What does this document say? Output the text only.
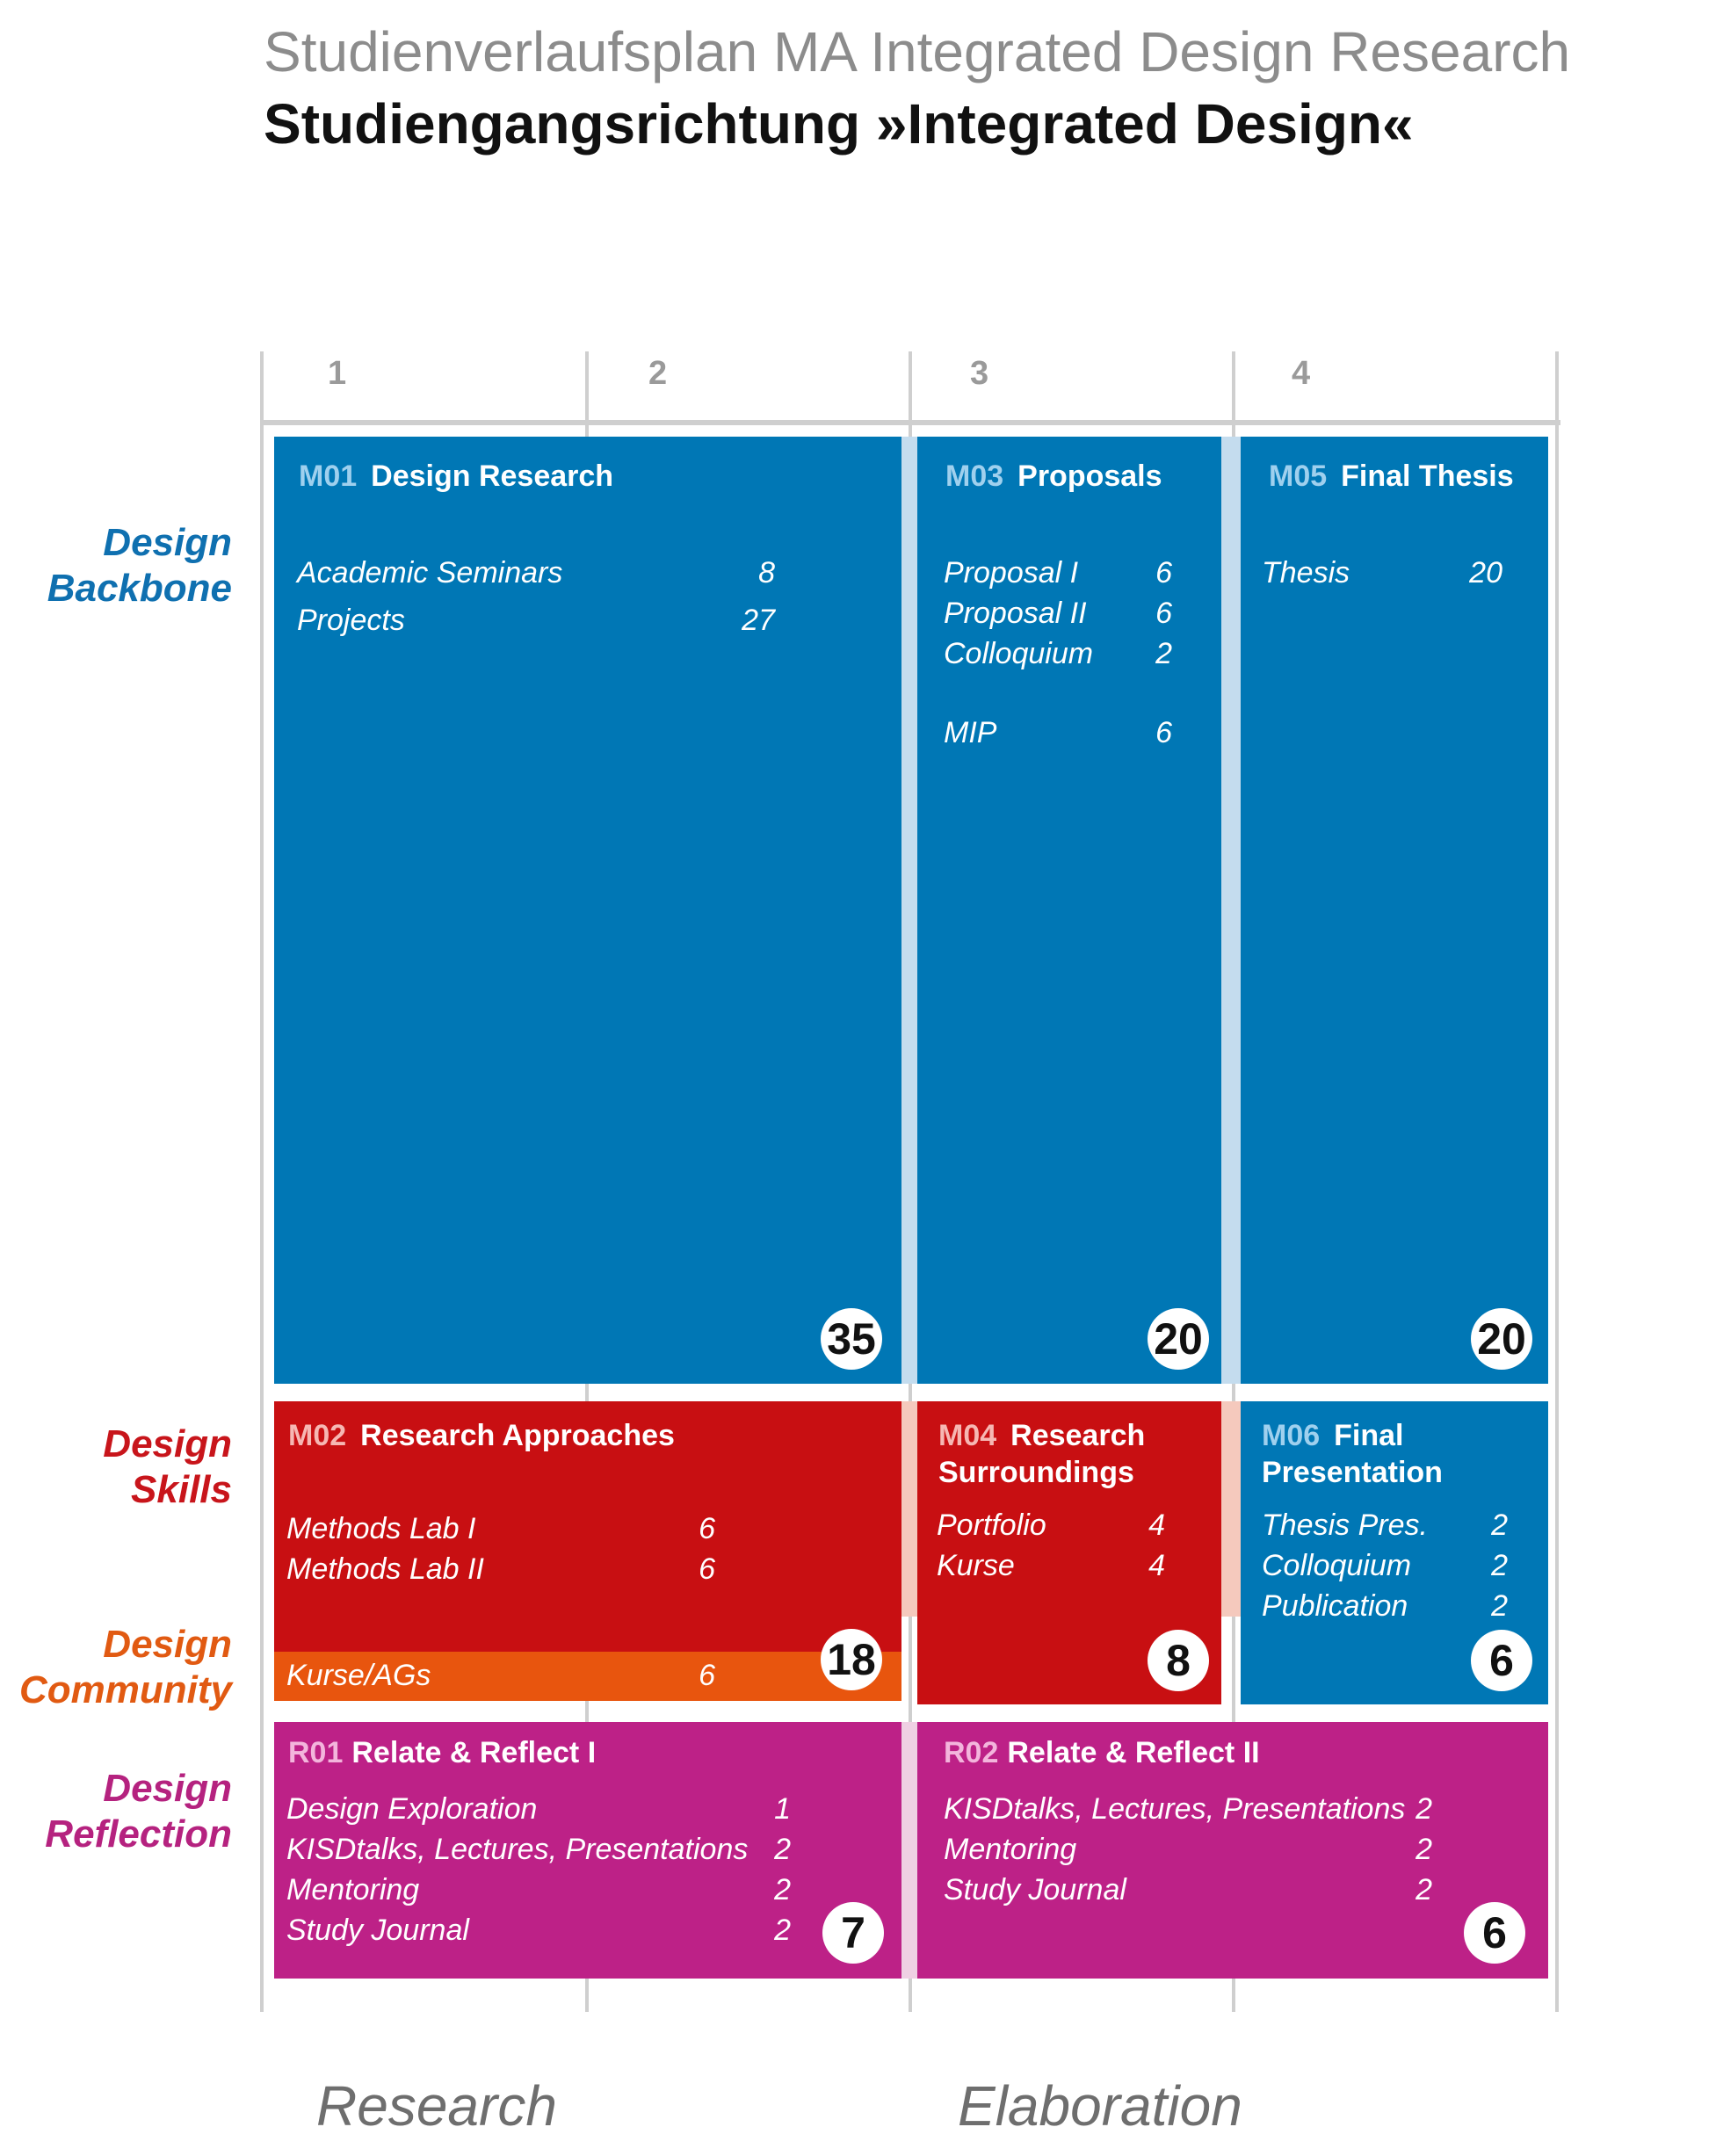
Studienverlaufsplan MA Integrated Design Research
Studiengangsrichtung »Integrated Design«
1	2	3	4
Design
Backbone
Design
Skills
Design
Community
Design
Reflection
M01 Design Research
Academic Seminars	8
Projects	27
35
M03 Proposals
Proposal I	6
Proposal II	6
Colloquium	2
MIP	6
20
M05 Final Thesis
Thesis	20
20
M02 Research Approaches
Methods Lab I	6
Methods Lab II	6
Kurse/AGs	6	18
M04 Research
Surroundings
Portfolio	4
Kurse	4
8
M06 Final
Presentation
Thesis Pres.	2
Colloquium	2
Publication	2
6
R01 Relate & Reflect I
Design Exploration	1
KISDtalks, Lectures, Presentations 2
Mentoring	2
Study Journal	2	7
R02 Relate & Reflect II
KISDtalks, Lectures, Presentations 2
Mentoring	2
Study Journal	2
6
Research	Elaboration
